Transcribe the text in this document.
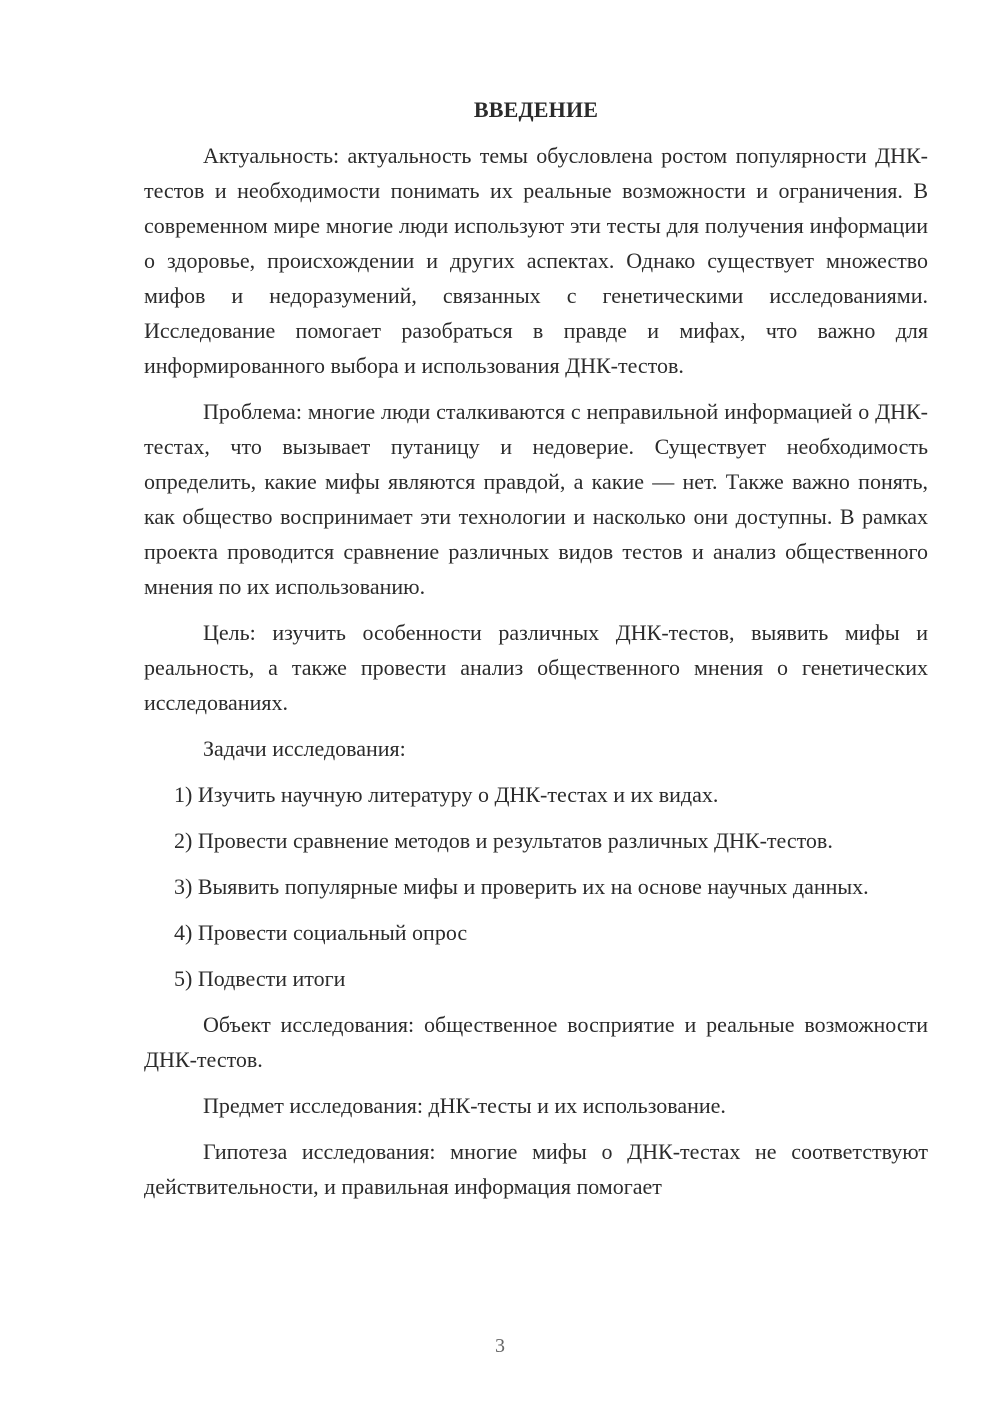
ВВЕДЕНИЕ

Актуальность: актуальность темы обусловлена ростом популярности ДНК-тестов и необходимости понимать их реальные возможности и ограничения. В современном мире многие люди используют эти тесты для получения информации о здоровье, происхождении и других аспектах. Однако существует множество мифов и недоразумений, связанных с генетическими исследованиями. Исследование помогает разобраться в правде и мифах, что важно для информированного выбора и использования ДНК-тестов.

Проблема: многие люди сталкиваются с неправильной информацией о ДНК-тестах, что вызывает путаницу и недоверие. Существует необходимость определить, какие мифы являются правдой, а какие — нет. Также важно понять, как общество воспринимает эти технологии и насколько они доступны. В рамках проекта проводится сравнение различных видов тестов и анализ общественного мнения по их использованию.

Цель: изучить особенности различных ДНК-тестов, выявить мифы и реальность, а также провести анализ общественного мнения о генетических исследованиях.

Задачи исследования:

1) Изучить научную литературу о ДНК-тестах и их видах.

2) Провести сравнение методов и результатов различных ДНК-тестов.

3) Выявить популярные мифы и проверить их на основе научных данных.

4) Провести социальный опрос

5) Подвести итоги

Объект исследования: общественное восприятие и реальные возможности ДНК-тестов.

Предмет исследования: дНК-тесты и их использование.

Гипотеза исследования: многие мифы о ДНК-тестах не соответствуют действительности, и правильная информация помогает

3
